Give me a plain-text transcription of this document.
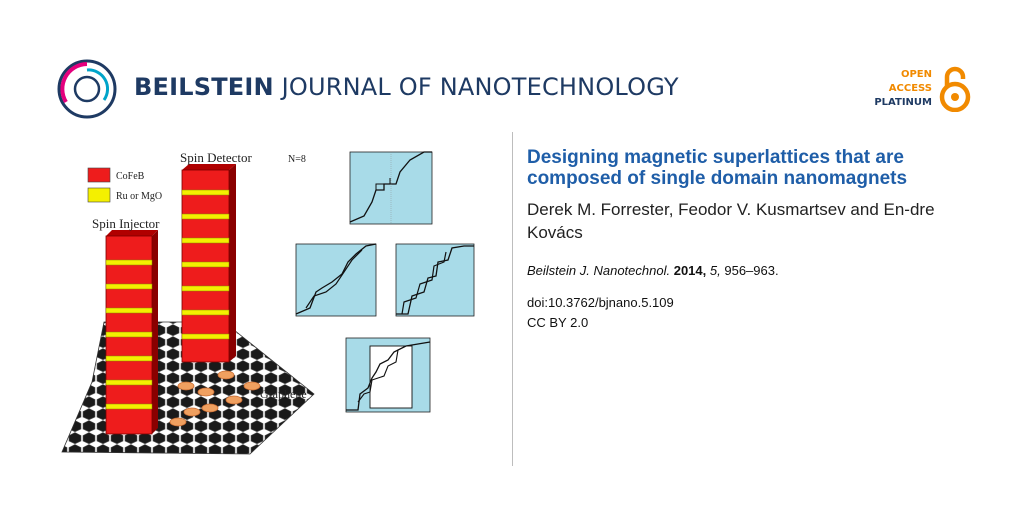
BEILSTEIN JOURNAL OF NANOTECHNOLOGY	OPEN
ACCESS
PLATINUM
CoFeB
Ru or MgO
Spin Detector
Spin Injector
N=8
Graphene
Designing magnetic superlattices that are composed of single domain nanomagnets
Derek M. Forrester, Feodor V. Kusmartsev and En-dre Kovács
Beilstein J. Nanotechnol. 2014, 5, 956–963.
doi:10.3762/bjnano.5.109
CC BY 2.0
